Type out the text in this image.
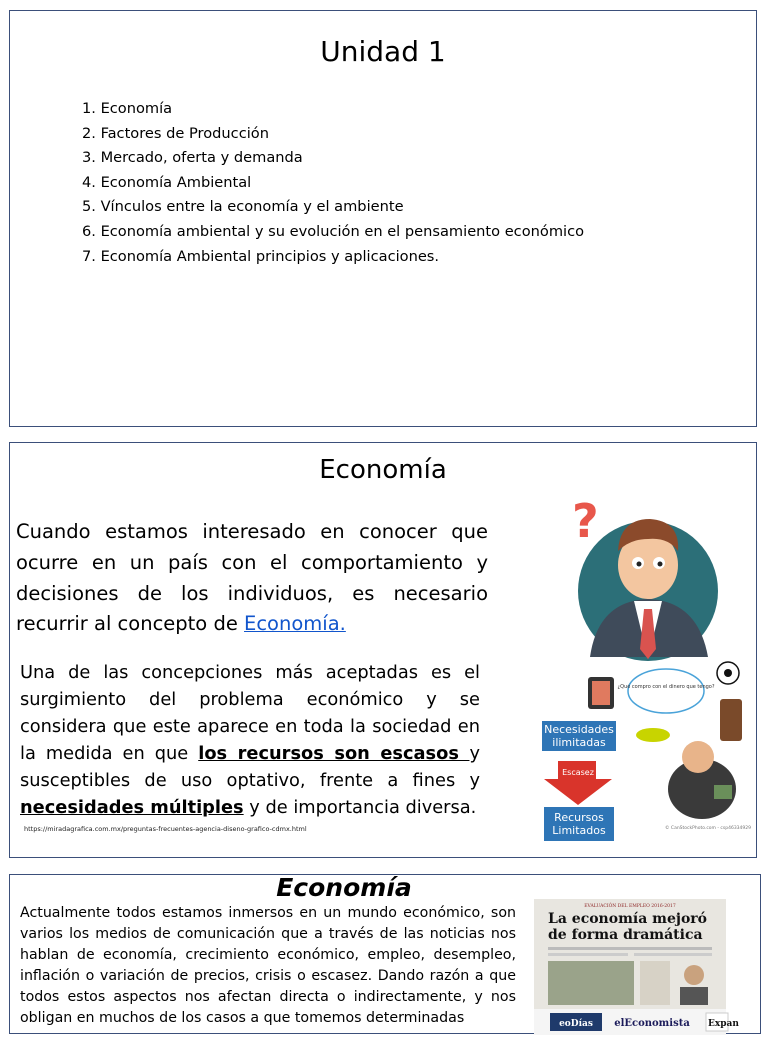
Unidad 1
1. Economía
2. Factores de Producción
3. Mercado, oferta y demanda
4. Economía Ambiental
5. Vínculos entre la economía y el ambiente
6. Economía ambiental y su evolución en el pensamiento económico
7. Economía Ambiental principios y aplicaciones.
Economía
Cuando estamos interesado en conocer que ocurre en un país con el comportamiento y decisiones de los individuos, es necesario recurrir al concepto de Economía.
Una de las concepciones más aceptadas es el surgimiento del problema económico y se considera que este aparece en toda la sociedad en la medida en que los recursos son escasos y susceptibles de uso optativo, frente a fines y necesidades múltiples y de importancia diversa.
https://miradagrafica.com.mx/preguntas-frecuentes-agencia-diseno-grafico-cdmx.html
?
¿Qué compro con el dinero que tengo?
Escasez
© CanStockPhoto.com - csp46334929
Necesidades ilimitadas
Recursos Limitados
Economía
Actualmente todos estamos inmersos en un mundo económico, son varios los medios de comunicación que a través de las noticias nos hablan de economía, crecimiento económico, empleo, desempleo, inflación o variación de precios, crisis o escasez. Dando razón a que todos estos aspectos nos afectan directa o indirectamente, y nos obligan en muchos de los casos a que tomemos determinadas
EVALUACIÓN DEL EMPLEO 2016-2017
La economía mejoró
de forma dramática
eoDías elEconomista Expan
